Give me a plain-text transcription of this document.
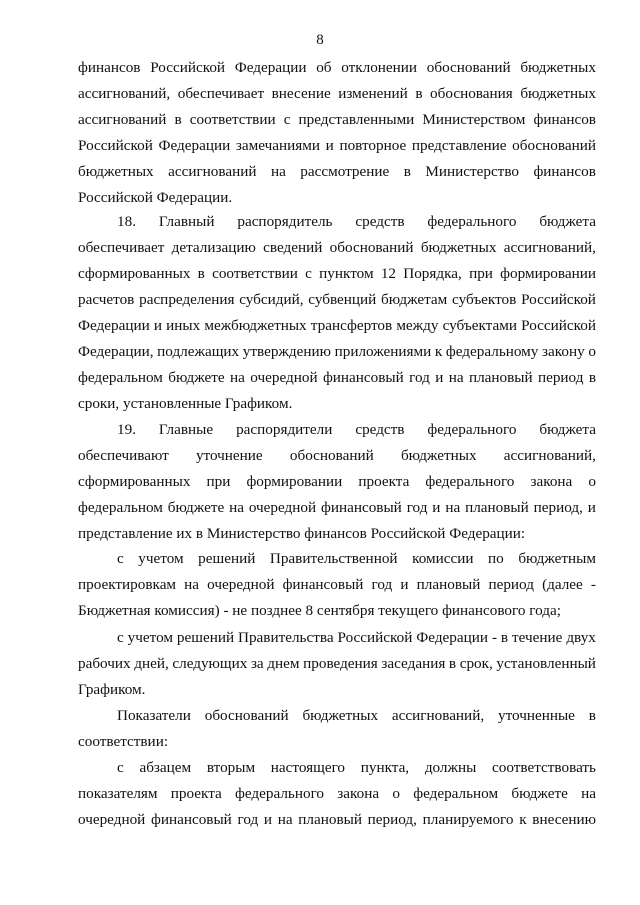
8
финансов Российской Федерации об отклонении обоснований бюджетных
ассигнований, обеспечивает внесение изменений в обоснования бюджетных
ассигнований в соответствии с представленными Министерством финансов
Российской Федерации замечаниями и повторное представление обоснований
бюджетных ассигнований на рассмотрение в Министерство финансов
Российской Федерации.
18. Главный распорядитель средств федерального бюджета
обеспечивает детализацию сведений обоснований бюджетных ассигнований,
сформированных в соответствии с пунктом 12 Порядка, при формировании
расчетов распределения субсидий, субвенций бюджетам субъектов Российской
Федерации и иных межбюджетных трансфертов между субъектами Российской
Федерации, подлежащих утверждению приложениями к федеральному закону о
федеральном бюджете на очередной финансовый год и на плановый период в
сроки, установленные Графиком.
19. Главные распорядители средств федерального бюджета
обеспечивают уточнение обоснований бюджетных ассигнований,
сформированных при формировании проекта федерального закона о
федеральном бюджете на очередной финансовый год и на плановый период, и
представление их в Министерство финансов Российской Федерации:
с учетом решений Правительственной комиссии по бюджетным
проектировкам на очередной финансовый год и плановый период (далее -
Бюджетная комиссия) - не позднее 8 сентября текущего финансового года;
с учетом решений Правительства Российской Федерации - в течение двух
рабочих дней, следующих за днем проведения заседания в срок, установленный
Графиком.
Показатели обоснований бюджетных ассигнований, уточненные в
соответствии:
с абзацем вторым настоящего пункта, должны соответствовать
показателям проекта федерального закона о федеральном бюджете на
очередной финансовый год и на плановый период, планируемого к внесению
